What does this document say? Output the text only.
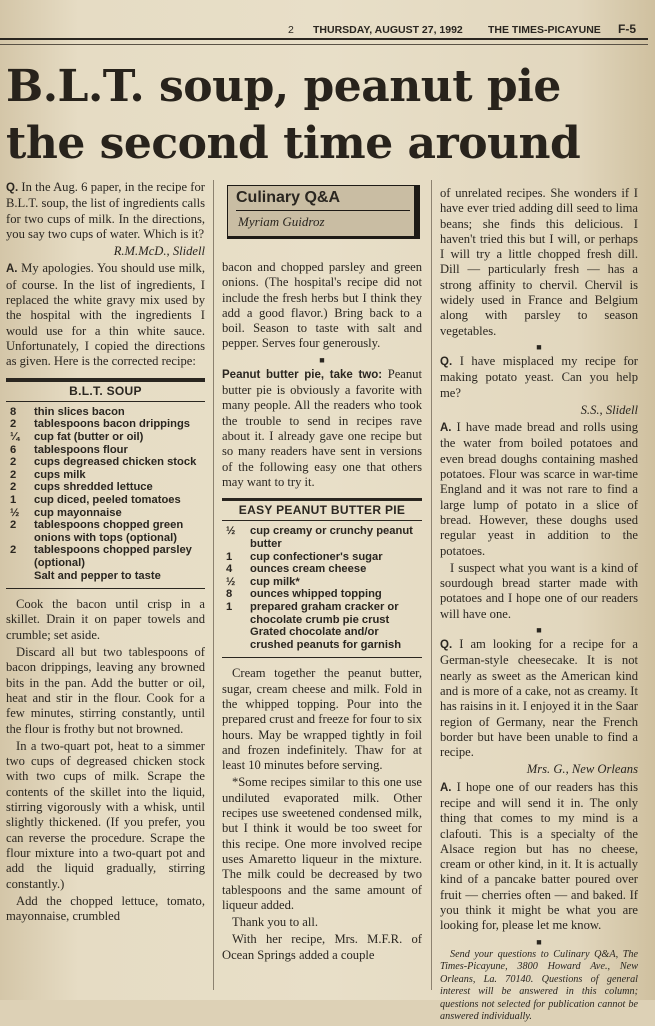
2 THURSDAY, AUGUST 27, 1992 THE TIMES-PICAYUNE F-5
B.L.T. soup, peanut pie
the second time around

Q. In the Aug. 6 paper, in the recipe for B.L.T. soup, the list of ingredients calls for two cups of milk. In the directions, you say two cups of water. Which is it?

R.M.McD., Slidell

A. My apologies. You should use milk, of course. In the list of ingredients, I replaced the white gravy mix used by the hospital with the ingredients I would use for a thin white sauce. Unfortunately, I copied the directions as given. Here is the corrected recipe:

B.L.T. SOUP
8	thin slices bacon
2	tablespoons bacon drippings
¼	cup fat (butter or oil)
6	tablespoons flour
2	cups degreased chicken stock
2	cups milk
2	cups shredded lettuce
1	cup diced, peeled tomatoes
½	cup mayonnaise
2	tablespoons chopped green onions with tops (optional)
2	tablespoons chopped parsley (optional)
Salt and pepper to taste

Cook the bacon until crisp in a skillet. Drain it on paper towels and crumble; set aside.

Discard all but two tablespoons of bacon drippings, leaving any browned bits in the pan. Add the butter or oil, heat and stir in the flour. Cook for a few minutes, stirring constantly, until the flour is frothy but not browned.

In a two-quart pot, heat to a simmer two cups of degreased chicken stock with two cups of milk. Scrape the contents of the skillet into the liquid, stirring vigorously with a whisk, until slightly thickened. (If you prefer, you can reverse the procedure. Scrape the flour mixture into a two-quart pot and add the liquid gradually, stirring constantly.)

Add the chopped lettuce, tomato, mayonnaise, crumbled

Culinary Q&A
Myriam Guidroz

bacon and chopped parsley and green onions. (The hospital's recipe did not include the fresh herbs but I think they add a good flavor.) Bring back to a boil. Season to taste with salt and pepper. Serves four generously.

■

Peanut butter pie, take two: Peanut butter pie is obviously a favorite with many people. All the readers who took the trouble to send in recipes rave about it. I already gave one recipe but so many readers have sent in versions of the following easy one that others may want to try it.

EASY PEANUT BUTTER PIE
½	cup creamy or crunchy peanut butter
1	cup confectioner's sugar
4	ounces cream cheese
½	cup milk*
8	ounces whipped topping
1	prepared graham cracker or chocolate crumb pie crust
Grated chocolate and/or crushed peanuts for garnish

Cream together the peanut butter, sugar, cream cheese and milk. Fold in the whipped topping. Pour into the prepared crust and freeze for four to six hours. May be wrapped tightly in foil and frozen indefinitely. Thaw for at least 10 minutes before serving.

*Some recipes similar to this one use undiluted evaporated milk. Other recipes use sweetened condensed milk, but I think it would be too sweet for this recipe. One more involved recipe uses Amaretto liqueur in the mixture. The milk could be decreased by two tablespoons and the same amount of liqueur added.

Thank you to all.

With her recipe, Mrs. M.F.R. of Ocean Springs added a couple

of unrelated recipes. She wonders if I have ever tried adding dill seed to lima beans; she finds this delicious. I haven't tried this but I will, or perhaps I will try a little chopped fresh dill. Dill — particularly fresh — has a strong affinity to chervil. Chervil is widely used in France and Belgium along with parsley to season vegetables.

■

Q. I have misplaced my recipe for making potato yeast. Can you help me?

S.S., Slidell

A. I have made bread and rolls using the water from boiled potatoes and even bread doughs containing mashed potatoes. Flour was scarce in war-time England and it was not rare to find a large lump of potato in a slice of bread. However, these doughs used regular yeast in addition to the potatoes.

I suspect what you want is a kind of sourdough bread starter made with potatoes and I hope one of our readers will have one.

■

Q. I am looking for a recipe for a German-style cheesecake. It is not nearly as sweet as the American kind and is more of a cake, not as creamy. It has raisins in it. I enjoyed it in the Saar region of Germany, near the French border but have been unable to find a recipe.

Mrs. G., New Orleans

A. I hope one of our readers has this recipe and will send it in. The only thing that comes to my mind is a clafouti. This is a specialty of the Alsace region but has no cheese, cream or other kind, in it. It is actually kind of a pancake batter poured over fruit — cherries often — and baked. If you think it might be what you are looking for, please let me know.

■

Send your questions to Culinary Q&A, The Times-Picayune, 3800 Howard Ave., New Orleans, La. 70140. Questions of general interest will be answered in this column; questions not selected for publication cannot be answered individually.
